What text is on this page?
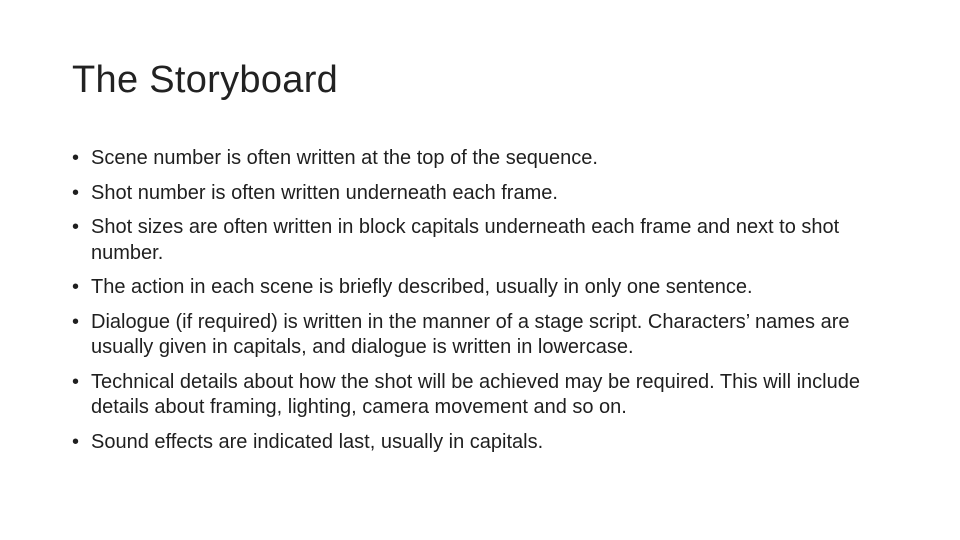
The Storyboard
• Scene number is often written at the top of the sequence.
• Shot number is often written underneath each frame.
• Shot sizes are often written in block capitals underneath each frame and next to shot number.
• The action in each scene is briefly described, usually in only one sentence.
• Dialogue (if required) is written in the manner of a stage script. Characters’ names are usually given in capitals, and dialogue is written in lowercase.
• Technical details about how the shot will be achieved may be required. This will include details about framing, lighting, camera movement and so on.
• Sound effects are indicated last, usually in capitals.
